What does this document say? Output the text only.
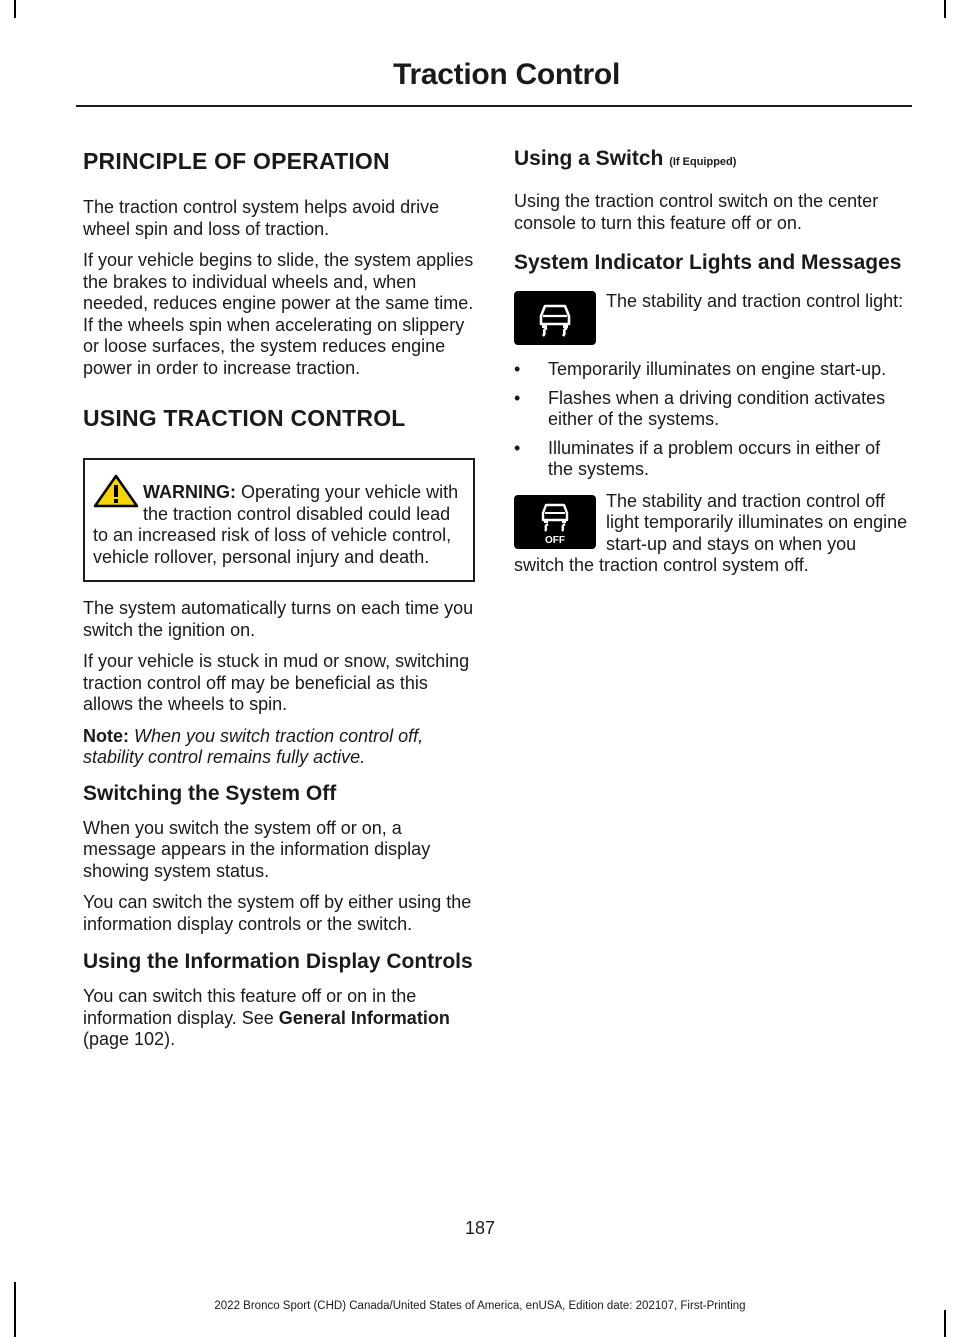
Traction Control
PRINCIPLE OF OPERATION

The traction control system helps avoid drive wheel spin and loss of traction.

If your vehicle begins to slide, the system applies the brakes to individual wheels and, when needed, reduces engine power at the same time. If the wheels spin when accelerating on slippery or loose surfaces, the system reduces engine power in order to increase traction.

USING TRACTION CONTROL
WARNING: Operating your vehicle with the traction control disabled could lead to an increased risk of loss of vehicle control, vehicle rollover, personal injury and death.

The system automatically turns on each time you switch the ignition on.

If your vehicle is stuck in mud or snow, switching traction control off may be beneficial as this allows the wheels to spin.

Note: When you switch traction control off, stability control remains fully active.

Switching the System Off

When you switch the system off or on, a message appears in the information display showing system status.

You can switch the system off by either using the information display controls or the switch.

Using the Information Display Controls

You can switch this feature off or on in the information display. See General Information (page 102).

Using a Switch (If Equipped)

Using the traction control switch on the center console to turn this feature off or on.

System Indicator Lights and Messages
The stability and traction control light:
• Temporarily illuminates on engine start-up.
• Flashes when a driving condition activates either of the systems.
• Illuminates if a problem occurs in either of the systems.
OFF
The stability and traction control off light temporarily illuminates on engine start-up and stays on when you switch the traction control system off.
187
2022 Bronco Sport (CHD) Canada/United States of America, enUSA, Edition date: 202107, First-Printing
